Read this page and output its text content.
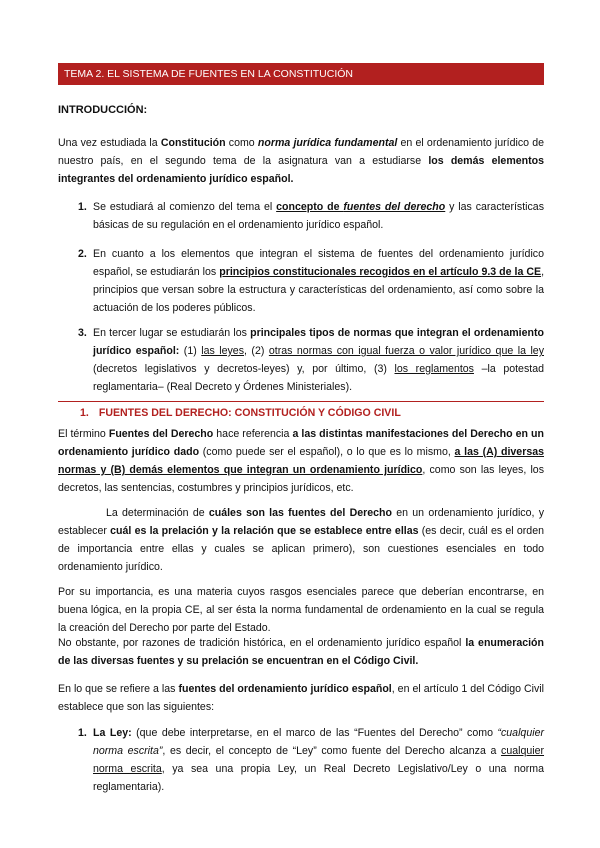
TEMA 2. EL SISTEMA DE FUENTES EN LA CONSTITUCIÓN
INTRODUCCIÓN:
Una vez estudiada la Constitución como norma jurídica fundamental en el ordenamiento jurídico de nuestro país, en el segundo tema de la asignatura van a estudiarse los demás elementos integrantes del ordenamiento jurídico español.
1. Se estudiará al comienzo del tema el concepto de fuentes del derecho y las características básicas de su regulación en el ordenamiento jurídico español.
2. En cuanto a los elementos que integran el sistema de fuentes del ordenamiento jurídico español, se estudiarán los principios constitucionales recogidos en el artículo 9.3 de la CE, principios que versan sobre la estructura y características del ordenamiento, así como sobre la actuación de los poderes públicos.
3. En tercer lugar se estudiarán los principales tipos de normas que integran el ordenamiento jurídico español: (1) las leyes, (2) otras normas con igual fuerza o valor jurídico que la ley (decretos legislativos y decretos-leyes) y, por último, (3) los reglamentos –la potestad reglamentaria– (Real Decreto y Órdenes Ministeriales).
1. FUENTES DEL DERECHO: CONSTITUCIÓN Y CÓDIGO CIVIL
El término Fuentes del Derecho hace referencia a las distintas manifestaciones del Derecho en un ordenamiento jurídico dado (como puede ser el español), o lo que es lo mismo, a las (A) diversas normas y (B) demás elementos que integran un ordenamiento jurídico, como son las leyes, los decretos, las sentencias, costumbres y principios jurídicos, etc.
La determinación de cuáles son las fuentes del Derecho en un ordenamiento jurídico, y establecer cuál es la prelación y la relación que se establece entre ellas (es decir, cuál es el orden de importancia entre ellas y cuales se aplican primero), son cuestiones esenciales en todo ordenamiento jurídico.
Por su importancia, es una materia cuyos rasgos esenciales parece que deberían encontrarse, en buena lógica, en la propia CE, al ser ésta la norma fundamental de ordenamiento en la cual se regula la creación del Derecho por parte del Estado.
No obstante, por razones de tradición histórica, en el ordenamiento jurídico español la enumeración de las diversas fuentes y su prelación se encuentran en el Código Civil.
En lo que se refiere a las fuentes del ordenamiento jurídico español, en el artículo 1 del Código Civil establece que son las siguientes:
1. La Ley: (que debe interpretarse, en el marco de las “Fuentes del Derecho” como “cualquier norma escrita”, es decir, el concepto de “Ley” como fuente del Derecho alcanza a cualquier norma escrita, ya sea una propia Ley, un Real Decreto Legislativo/Ley o una norma reglamentaria).
